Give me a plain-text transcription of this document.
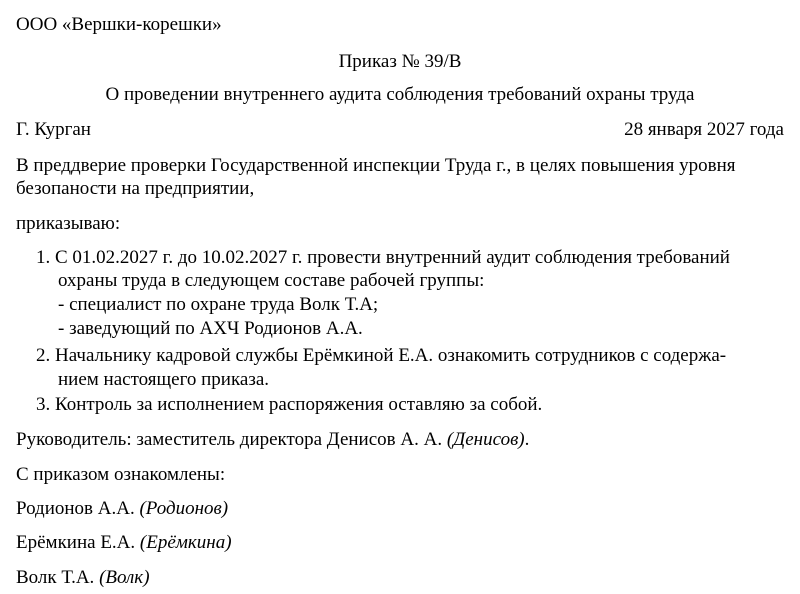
ООО «Вершки-корешки»
Приказ № 39/В
О проведении внутреннего аудита соблюдения требований охраны труда
Г. Курган	28 января 2027 года
В преддверие проверки Государственной инспекции Труда г., в целях повышения уровня
безопаности на предприятии,
приказываю:
1. С 01.02.2027 г. до 10.02.2027 г. провести внутренний аудит соблюдения требований
охраны труда в следующем составе рабочей группы:
- специалист по охране труда Волк Т.А;
- заведующий по АХЧ Родионов А.А.
2. Начальнику кадровой службы Ерёмкиной Е.А. ознакомить сотрудников с содержа-
нием настоящего приказа.
3. Контроль за исполнением распоряжения оставляю за собой.
Руководитель: заместитель директора Денисов А. А. (Денисов).
С приказом ознакомлены:
Родионов А.А. (Родионов)
Ерёмкина Е.А. (Ерёмкина)
Волк Т.А. (Волк)
